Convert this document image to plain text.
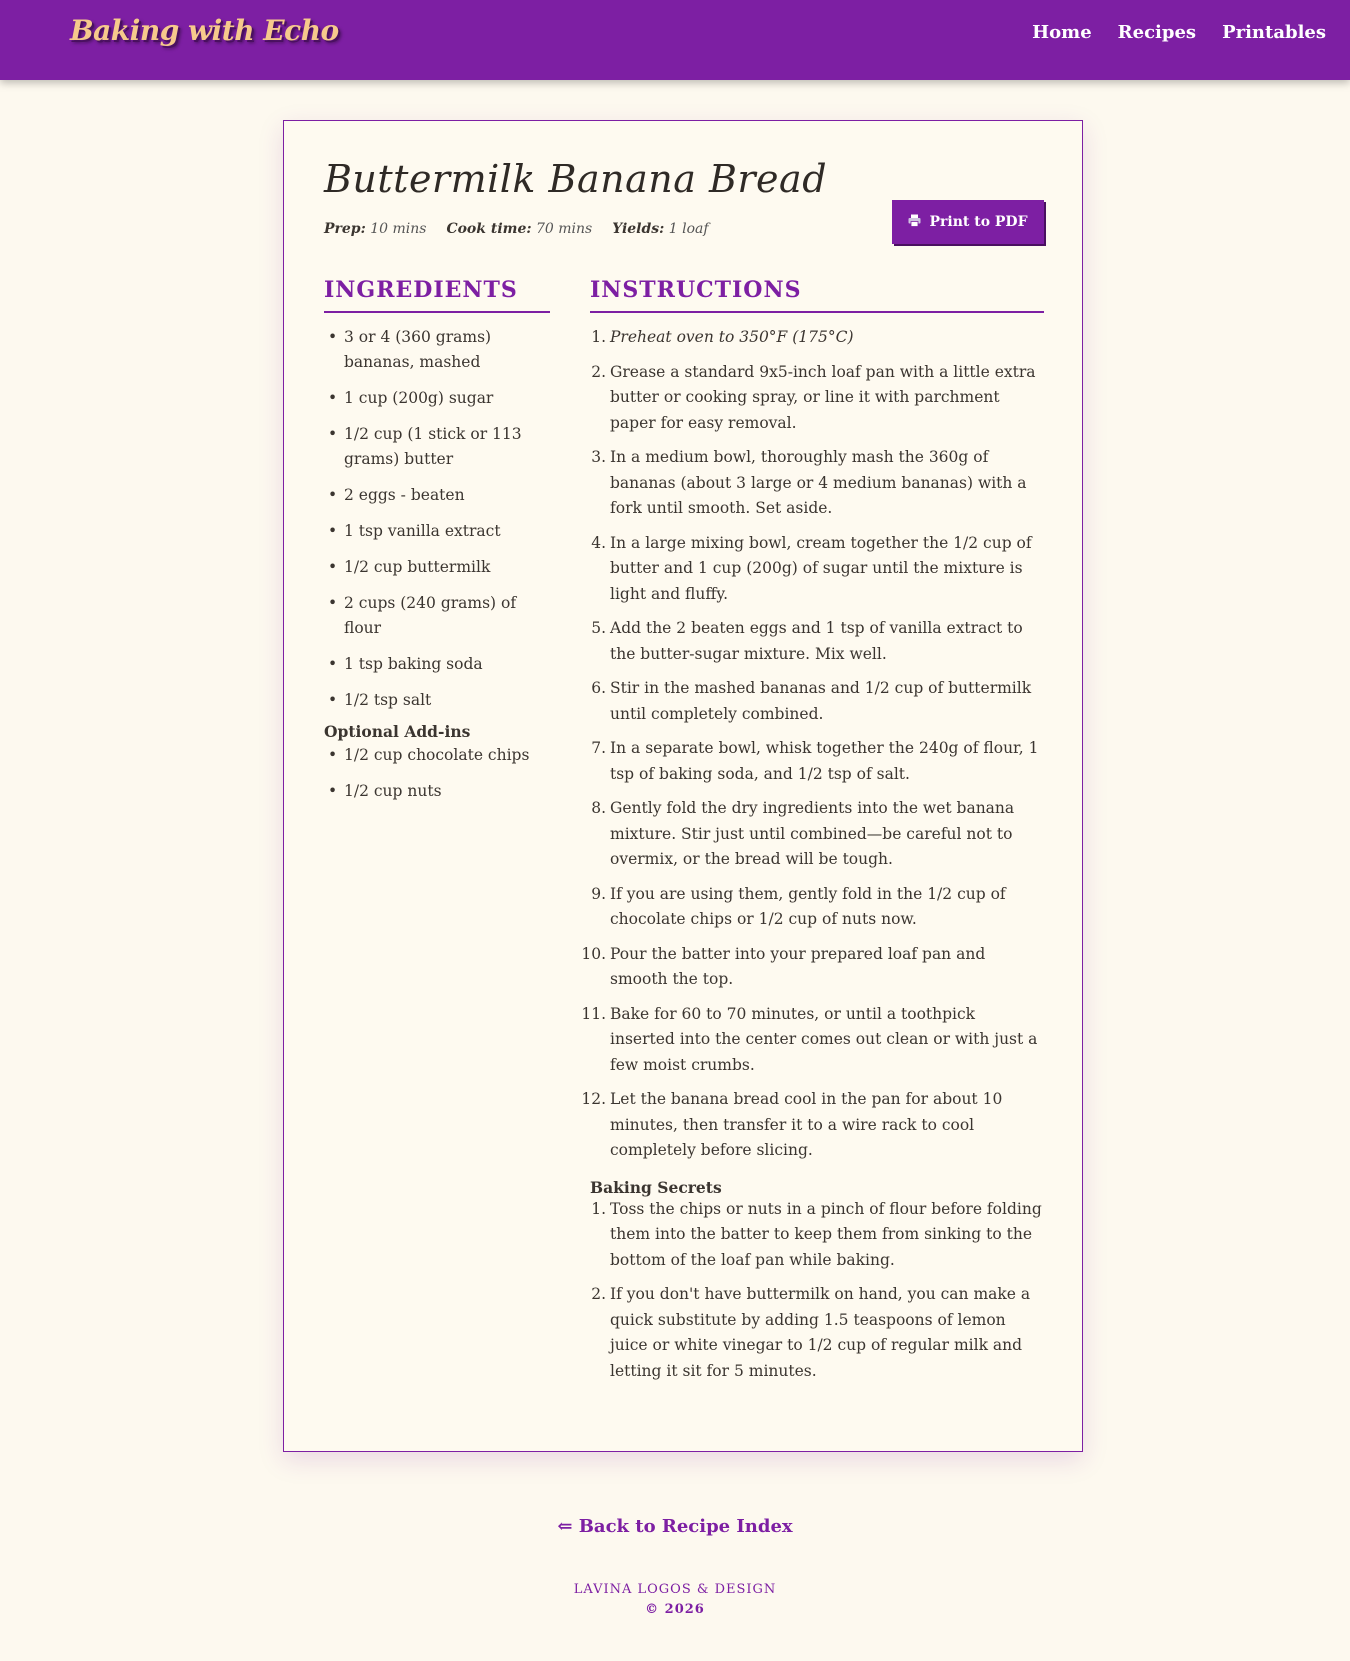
Baking with Echo	Home Recipes Printables
Buttermilk Banana Bread
Prep: 10 mins Cook time: 70 mins Yields: 1 loaf	Print to PDF
INGREDIENTS
• 3 or 4 (360 grams) bananas, mashed
• 1 cup (200g) sugar
• 1/2 cup (1 stick or 113 grams) butter
• 2 eggs - beaten
• 1 tsp vanilla extract
• 1/2 cup buttermilk
• 2 cups (240 grams) of flour
• 1 tsp baking soda
• 1/2 tsp salt
Optional Add-ins
• 1/2 cup chocolate chips
• 1/2 cup nuts
INSTRUCTIONS
1. Preheat oven to 350°F (175°C)
2. Grease a standard 9x5-inch loaf pan with a little extra butter or cooking spray, or line it with parchment paper for easy removal.
3. In a medium bowl, thoroughly mash the 360g of bananas (about 3 large or 4 medium bananas) with a fork until smooth. Set aside.
4. In a large mixing bowl, cream together the 1/2 cup of butter and 1 cup (200g) of sugar until the mixture is light and fluffy.
5. Add the 2 beaten eggs and 1 tsp of vanilla extract to the butter-sugar mixture. Mix well.
6. Stir in the mashed bananas and 1/2 cup of buttermilk until completely combined.
7. In a separate bowl, whisk together the 240g of flour, 1 tsp of baking soda, and 1/2 tsp of salt.
8. Gently fold the dry ingredients into the wet banana mixture. Stir just until combined—be careful not to overmix, or the bread will be tough.
9. If you are using them, gently fold in the 1/2 cup of chocolate chips or 1/2 cup of nuts now.
10. Pour the batter into your prepared loaf pan and smooth the top.
11. Bake for 60 to 70 minutes, or until a toothpick inserted into the center comes out clean or with just a few moist crumbs.
12. Let the banana bread cool in the pan for about 10 minutes, then transfer it to a wire rack to cool completely before slicing.
Baking Secrets
1. Toss the chips or nuts in a pinch of flour before folding them into the batter to keep them from sinking to the bottom of the loaf pan while baking.
2. If you don't have buttermilk on hand, you can make a quick substitute by adding 1.5 teaspoons of lemon juice or white vinegar to 1/2 cup of regular milk and letting it sit for 5 minutes.
⇐ Back to Recipe Index
LAVINA LOGOS & DESIGN
© 2026
